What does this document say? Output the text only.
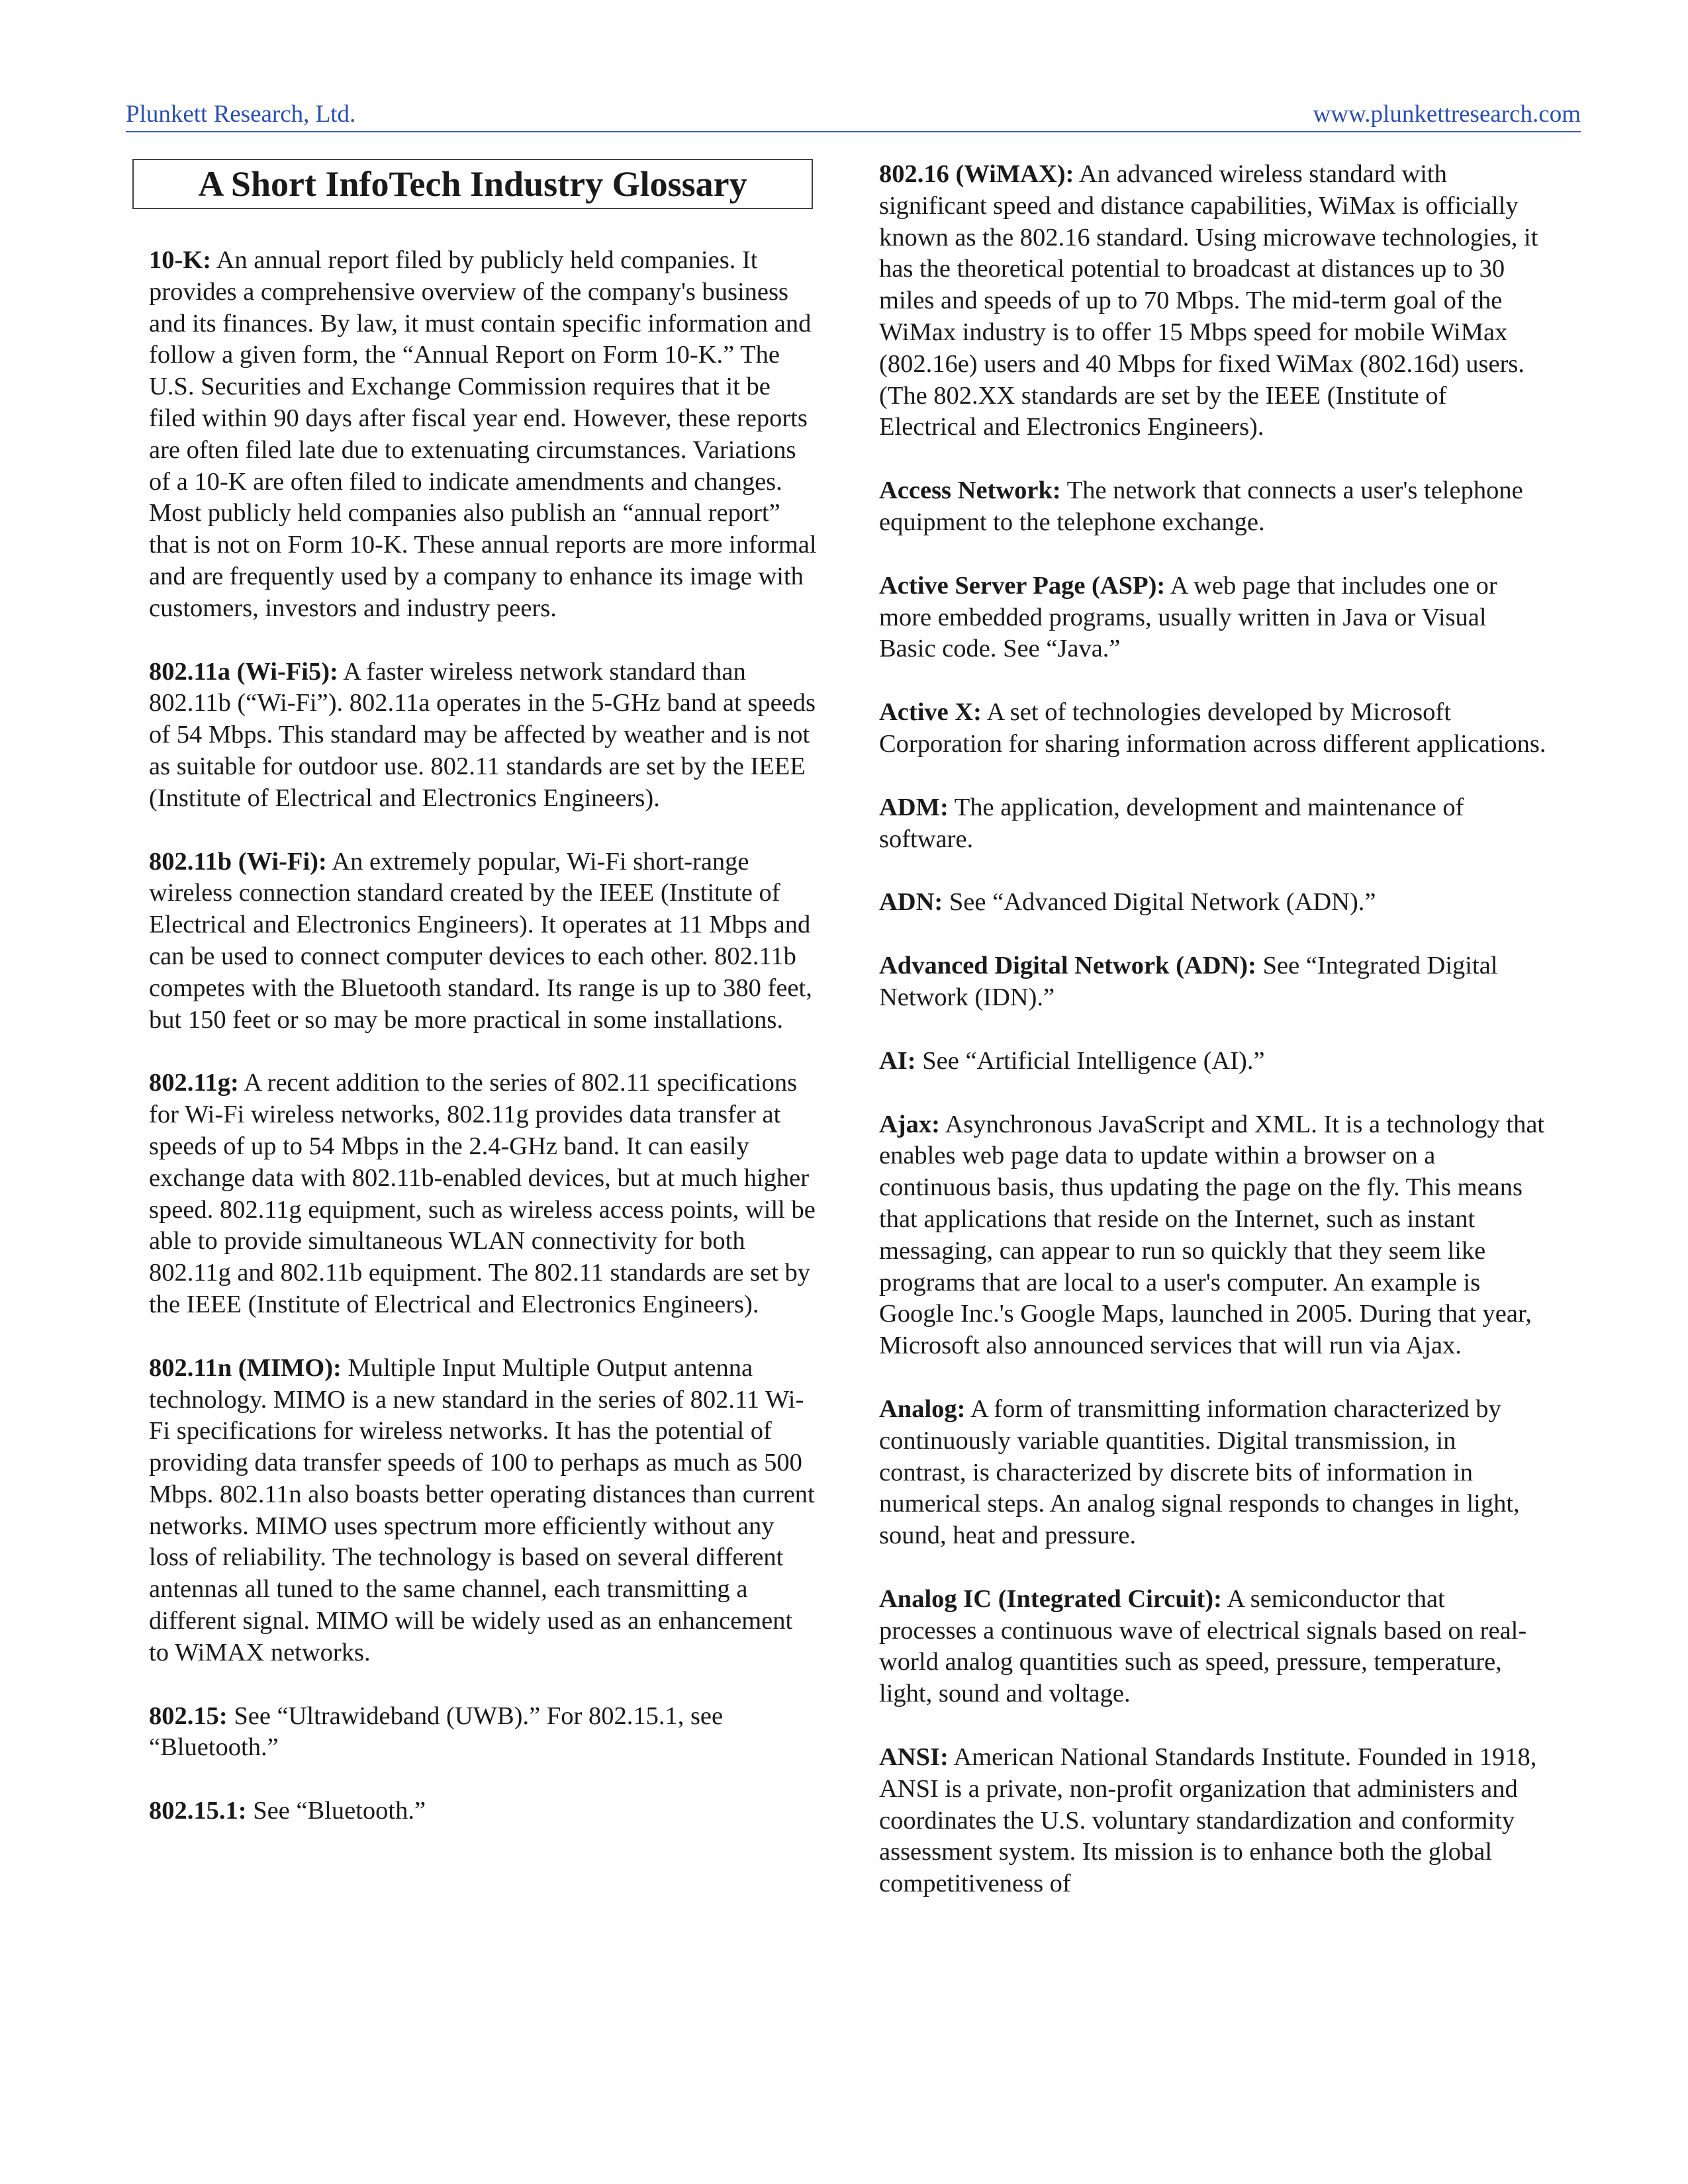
Plunkett Research, Ltd.	www.plunkettresearch.com
A Short InfoTech Industry Glossary

10-K: An annual report filed by publicly held companies. It provides a comprehensive overview of the company's business and its finances. By law, it must contain specific information and follow a given form, the “Annual Report on Form 10-K.” The U.S. Securities and Exchange Commission requires that it be filed within 90 days after fiscal year end. However, these reports are often filed late due to extenuating circumstances. Variations of a 10-K are often filed to indicate amendments and changes. Most publicly held companies also publish an “annual report” that is not on Form 10-K. These annual reports are more informal and are frequently used by a company to enhance its image with customers, investors and industry peers.

802.11a (Wi-Fi5): A faster wireless network standard than 802.11b (“Wi-Fi”). 802.11a operates in the 5-GHz band at speeds of 54 Mbps. This standard may be affected by weather and is not as suitable for outdoor use. 802.11 standards are set by the IEEE (Institute of Electrical and Electronics Engineers).

802.11b (Wi-Fi): An extremely popular, Wi-Fi short-range wireless connection standard created by the IEEE (Institute of Electrical and Electronics Engineers). It operates at 11 Mbps and can be used to connect computer devices to each other. 802.11b competes with the Bluetooth standard. Its range is up to 380 feet, but 150 feet or so may be more practical in some installations.

802.11g: A recent addition to the series of 802.11 specifications for Wi-Fi wireless networks, 802.11g provides data transfer at speeds of up to 54 Mbps in the 2.4-GHz band. It can easily exchange data with 802.11b-enabled devices, but at much higher speed. 802.11g equipment, such as wireless access points, will be able to provide simultaneous WLAN connectivity for both 802.11g and 802.11b equipment. The 802.11 standards are set by the IEEE (Institute of Electrical and Electronics Engineers).

802.11n (MIMO): Multiple Input Multiple Output antenna technology. MIMO is a new standard in the series of 802.11 Wi-Fi specifications for wireless networks. It has the potential of providing data transfer speeds of 100 to perhaps as much as 500 Mbps. 802.11n also boasts better operating distances than current networks. MIMO uses spectrum more efficiently without any loss of reliability. The technology is based on several different antennas all tuned to the same channel, each transmitting a different signal. MIMO will be widely used as an enhancement to WiMAX networks.

802.15: See “Ultrawideband (UWB).” For 802.15.1, see “Bluetooth.”

802.15.1: See “Bluetooth.”

802.16 (WiMAX): An advanced wireless standard with significant speed and distance capabilities, WiMax is officially known as the 802.16 standard. Using microwave technologies, it has the theoretical potential to broadcast at distances up to 30 miles and speeds of up to 70 Mbps. The mid-term goal of the WiMax industry is to offer 15 Mbps speed for mobile WiMax (802.16e) users and 40 Mbps for fixed WiMax (802.16d) users. (The 802.XX standards are set by the IEEE (Institute of Electrical and Electronics Engineers).

Access Network: The network that connects a user's telephone equipment to the telephone exchange.

Active Server Page (ASP): A web page that includes one or more embedded programs, usually written in Java or Visual Basic code. See “Java.”

Active X: A set of technologies developed by Microsoft Corporation for sharing information across different applications.

ADM: The application, development and maintenance of software.

ADN: See “Advanced Digital Network (ADN).”

Advanced Digital Network (ADN): See “Integrated Digital Network (IDN).”

AI: See “Artificial Intelligence (AI).”

Ajax: Asynchronous JavaScript and XML. It is a technology that enables web page data to update within a browser on a continuous basis, thus updating the page on the fly. This means that applications that reside on the Internet, such as instant messaging, can appear to run so quickly that they seem like programs that are local to a user's computer. An example is Google Inc.'s Google Maps, launched in 2005. During that year, Microsoft also announced services that will run via Ajax.

Analog: A form of transmitting information characterized by continuously variable quantities. Digital transmission, in contrast, is characterized by discrete bits of information in numerical steps. An analog signal responds to changes in light, sound, heat and pressure.

Analog IC (Integrated Circuit): A semiconductor that processes a continuous wave of electrical signals based on real-world analog quantities such as speed, pressure, temperature, light, sound and voltage.

ANSI: American National Standards Institute. Founded in 1918, ANSI is a private, non-profit organization that administers and coordinates the U.S. voluntary standardization and conformity assessment system. Its mission is to enhance both the global competitiveness of
